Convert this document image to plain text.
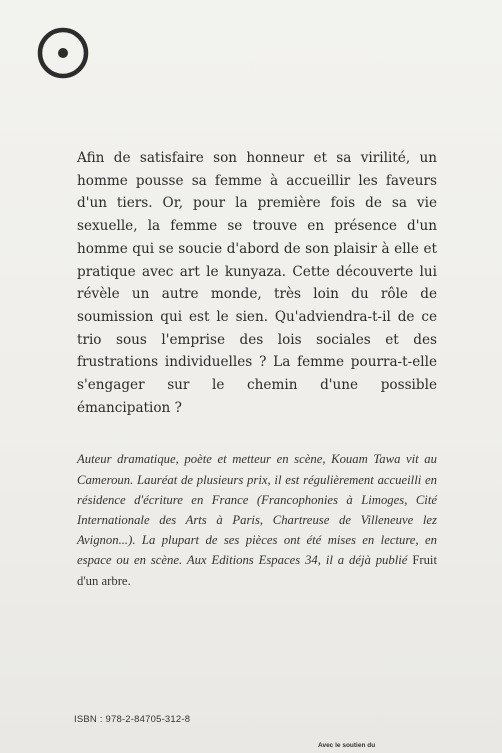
Afin de satisfaire son honneur et sa virilité, un homme pousse sa femme à accueillir les faveurs d'un tiers. Or, pour la première fois de sa vie sexuelle, la femme se trouve en présence d'un homme qui se soucie d'abord de son plaisir à elle et pratique avec art le kunyaza. Cette découverte lui révèle un autre monde, très loin du rôle de soumission qui est le sien. Qu'adviendra-t-il de ce trio sous l'emprise des lois sociales et des frustrations individuelles ? La femme pourra-t-elle s'engager sur le chemin d'une possible émancipation ?

Auteur dramatique, poète et metteur en scène, Kouam Tawa vit au Cameroun. Lauréat de plusieurs prix, il est régulièrement accueilli en résidence d'écriture en France (Francophonies à Limoges, Cité Internationale des Arts à Paris, Chartreuse de Villeneuve lez Avignon...). La plupart de ses pièces ont été mises en lecture, en espace ou en scène. Aux Editions Espaces 34, il a déjà publié Fruit d'un arbre.

ISBN : 978-2-84705-312-8
Avec le soutien du
